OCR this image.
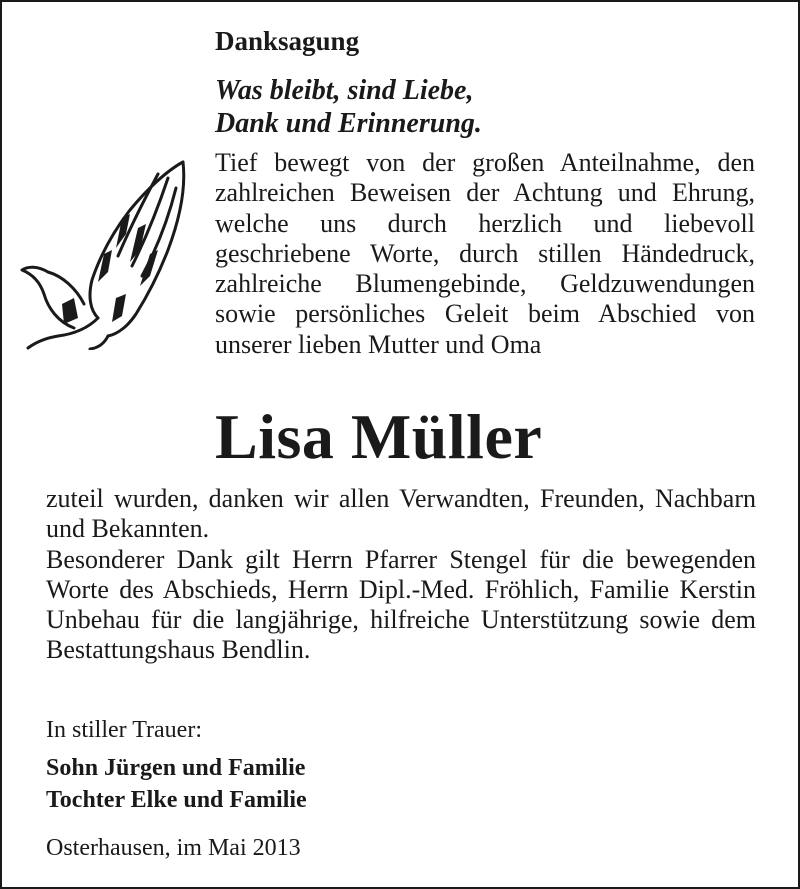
Danksagung
Was bleibt, sind Liebe,
Dank und Erinnerung.
Tief bewegt von der großen Anteilnahme, den zahlreichen Beweisen der Achtung und Ehrung, welche uns durch herzlich und liebevoll geschriebene Worte, durch stillen Händedruck, zahlreiche Blumengebinde, Geldzuwendungen sowie persönliches Geleit beim Abschied von unserer lieben Mutter und Oma
Lisa Müller

zuteil wurden, danken wir allen Verwandten, Freunden, Nachbarn und Bekannten.

Besonderer Dank gilt Herrn Pfarrer Stengel für die bewegenden Worte des Abschieds, Herrn Dipl.-Med. Fröhlich, Familie Kerstin Unbehau für die langjährige, hilfreiche Unterstützung sowie dem Bestattungshaus Bendlin.

In stiller Trauer:
Sohn Jürgen und Familie
Tochter Elke und Familie
Osterhausen, im Mai 2013
